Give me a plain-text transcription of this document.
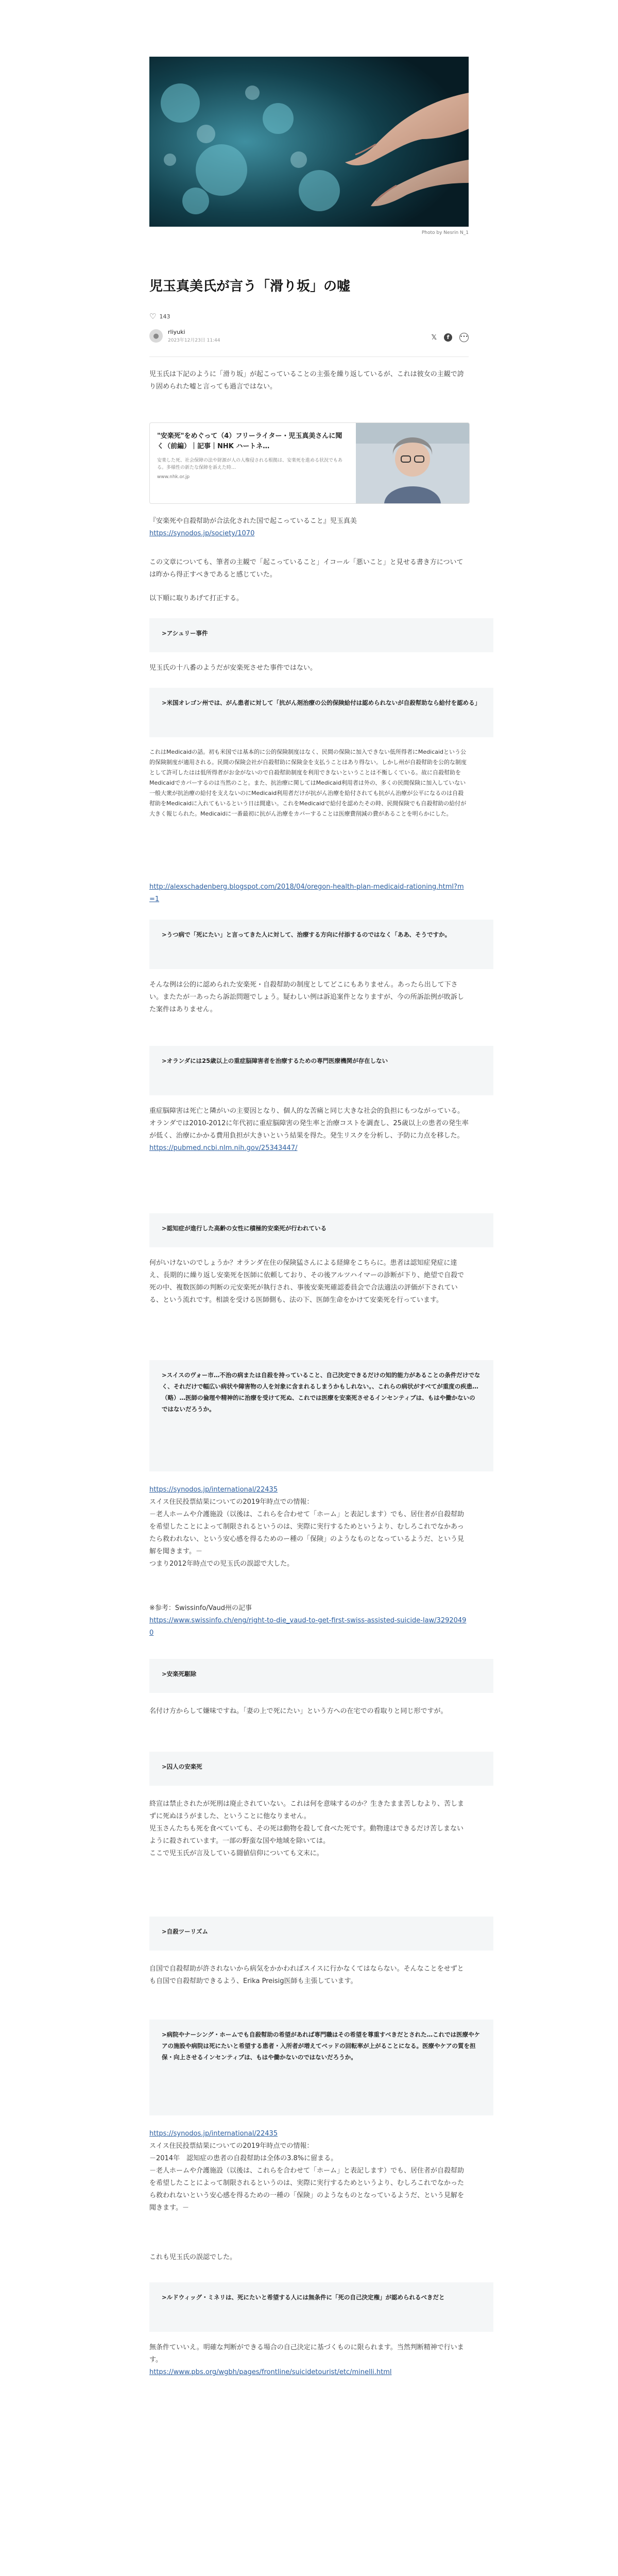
Photo by Nesrin N_1
児玉真美氏が言う「滑り坂」の嘘
♡ 143
●	rliyuki
2023年12月23日 11:44	𝕏	f	•••

児玉氏は下記のように「滑り坂」が起こっていることの主張を繰り返しているが、これは彼女の主観で誇り固められた嘘と言っても過言ではない。

"安楽死"をめぐって（4）フリーライター・児玉真美さんに聞く（前編）｜記事｜NHK ハートネ…
安楽した死、社会保障の法や財源が人の人権侵される根拠は、安楽死を進める状況でもある。多様性の新たな保障を訴えた時…
www.nhk.or.jp

『安楽死や自殺幇助が合法化された国で起こっていること』児玉真美

https://synodos.jp/society/1070

この文章についても、筆者の主観で「起こっていること」イコール「悪いこと」と見せる書き方については昨から得正すべきであると感じていた。

以下順に取りあげて打正する。

>アシュリー事件

児玉氏の十八番のようだが安楽死させた事件ではない。

>米国オレゴン州では、がん患者に対して「抗がん剤治療の公的保険給付は認められないが自殺幇助なら給付を認める」

これはMedicaidの話。初も米国では基本的に公的保険制度はなく、民間の保険に加入できない低所得者にMedicaidという公的保険制度が適用される。民間の保険会社が自殺幇助に保険金を支払うことはあり得ない。しかし州が自殺幇助を公的な制度として許可したはは低所得者がお金がないので自殺幇助制度を利用できないということは不衡しくている。故に自殺幇助をMedicaidでカバーするのは当然のこと。また、抗治療に関してはMedicaid利用者は外の、多くの民間保険に加入していない一般大衆が抗治療の給付を支えないのにMedicaid利用者だけが抗がん治療を給付されても抗がん治療が公平になるのは自殺幇助をMedicaidに入れてもいるという日は間違い。これをMedicaidで給付を認めたその時、民間保険でも自殺幇助の給付が大きく報じられた。Medicaidに一番最初に抗がん治療をカバーすることは医療費削減の費があることを明らかにした。

http://alexschadenberg.blogspot.com/2018/04/oregon-health-plan-medicaid-rationing.html?m=1

>うつ病で「死にたい」と言ってきた人に対して、治療する方向に付添するのではなく「ああ、そうですか。

そんな例は公的に認められた安楽死・自殺幇助の制度としてどこにもありません。あったら出して下さい。またたが一あったら訴訟問題でしょう。疑わしい例は訴追案件となりますが、今の所訴訟例が敗訴した案件はありません。

>オランダには25歳以上の重症脳障害者を治療するための専門医療機関が存在しない

重症脳障害は死亡と隣がいの主要因となり、個人的な苦痛と同じ大きな社会的負担にもつながっている。オランダでは2010-2012に年代初に重症脳障害の発生率と治療コストを調査し、25歳以上の患者の発生率が低く、治療にかかる費用負担が大きいという結果を得た。発生リスクを分析し、予防に力点を移した。

https://pubmed.ncbi.nlm.nih.gov/25343447/

>認知症が進行した高齢の女性に積極的安楽死が行われている

何がいけないのでしょうか？オランダ在住の保険猛さんによる経緯をこちらに。患者は認知症発症に達え、長期的に繰り返し安楽死を医師に依頼しており、その後アルツハイマーの診断が下り、絶望で自殺で死の中、複数医師の判断の元安楽死が執行され、事後安楽死確認委員会で合法適法の評価が下されている、という流れです。相談を受ける医師側も、法の下、医師生命をかけて安楽死を行っています。

>スイスのヴォー市…不治の病または自殺を持っていること、自己決定できるだけの知的能力があることの条件だけでなく、それだけで幅広い病状や障害物の人を対象に含まれるしまうかもしれない。、これらの病状がすべてが重度の疾患…（略）…医師の倫理や精神的に治療を受けて死ぬ、これでは医療を安楽死させるインセンティブは、もはや働かないのではないだろうか。

https://synodos.jp/international/22435

スイス住民投票結果についての2019年時点での情報：
－老人ホームや介護施設（以後は、これらを合わせて「ホーム」と表記します）でも、居住者が自殺幇助を希望したことによって制限されるというのは、実際に実行するためというより、むしろこれでなかあったら救われない、という安心感を得るためのー種の「保険」のようなものとなっているようだ、という見解を聞きます。－
つまり2012年時点での児玉氏の誤認で大した。

※参考：Swissinfo/Vaud州の記事

https://www.swissinfo.ch/eng/right-to-die_vaud-to-get-first-swiss-assisted-suicide-law/32920490

>安楽死駆除

名付け方からして嫌味ですね。「妻の上で死にたい」という方への在宅での看取りと同じ形ですが。

>囚人の安楽死

終宣は禁止されたが死刑は廃止されていない。これは何を意味するのか？生きたまま苦しむより、苦しまずに死ぬほうがました、ということに他なりません。
児玉さんたちも死を食べていても、その死は動物を殺して食べた死です。動物達はできるだけ苦しまないように殺されています。一部の野蛮な国や地域を除いては。
ここで児玉氏が言及している闘値信仰についても文末に。

>自殺ツーリズム

自国で自殺幇助が許されないから病気をかかわればスイスに行かなくてはならない。そんなことをせずとも自国で自殺幇助できるよう、Erika Preisig医師も主張しています。

>病院やナーシング・ホームでも自殺幇助の希望があれば専門職はその希望を尊重すべきだとされた…これでは医療やケアの施設や病院は死にたいと希望する患者・入所者が増えてベッドの回転率が上がることになる。医療やケアの質を担保・向上させるインセンティブは、もはや働かないのではないだろうか。

https://synodos.jp/international/22435

スイス住民投票結果についての2019年時点での情報：
－2014年　認知症の患者の自殺幇助は全体の3.8%に留まる。
－老人ホームや介護施設（以後は、これらを合わせて「ホーム」と表記します）でも、居住者が自殺幇助を希望したことによって制限されるというのは、実際に実行するためというより、むしろこれでなかったら救われないという安心感を得るための一種の「保険」のようなものとなっているようだ、という見解を聞きます。－

これも児玉氏の誤認でした。

>ルドウィッグ・ミネリは、死にたいと希望する人には無条件に「死の自己決定権」が認められるべきだと

無条件ていいえ。明確な判断ができる場合の自己決定に基づくものに限られます。当然判断精神で行います。

https://www.pbs.org/wgbh/pages/frontline/suicidetourist/etc/minelli.html
